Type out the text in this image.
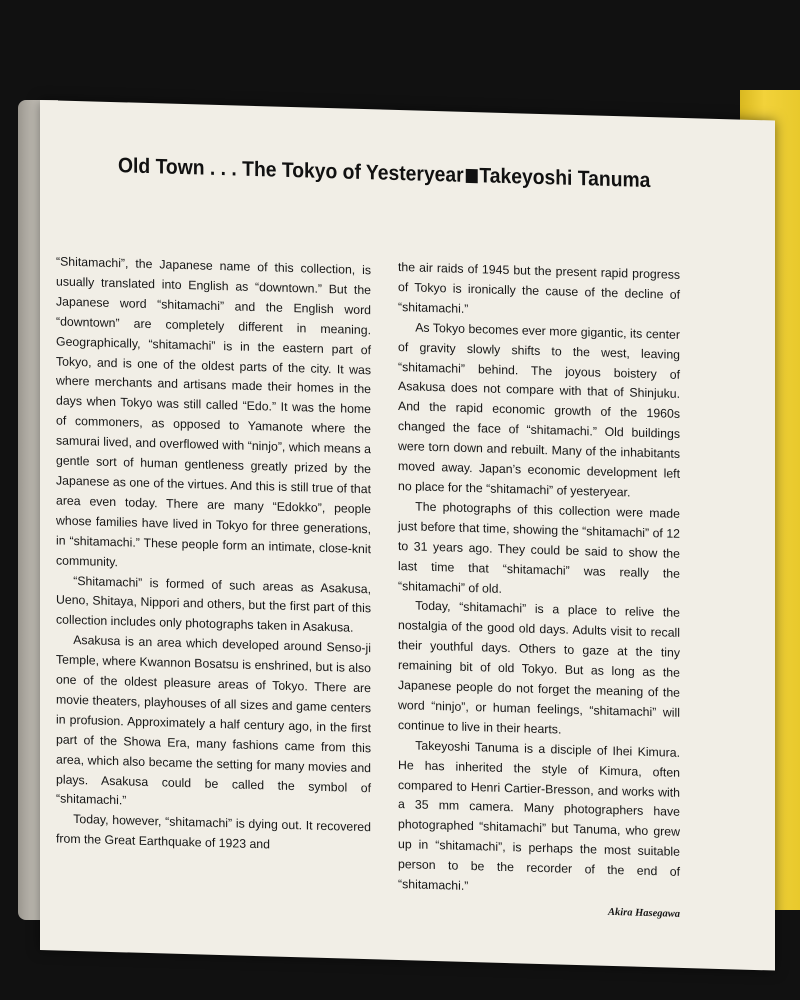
Old Town . . . The Tokyo of Yesteryear Takeyoshi Tanuma

“Shitamachi”, the Japanese name of this collection, is usually translated into English as “downtown.” But the Japanese word “shitamachi” and the English word “downtown” are completely different in meaning. Geographically, “shitamachi” is in the eastern part of Tokyo, and is one of the oldest parts of the city. It was where merchants and artisans made their homes in the days when Tokyo was still called “Edo.” It was the home of commoners, as opposed to Yamanote where the samurai lived, and overflowed with “ninjo”, which means a gentle sort of human gentleness greatly prized by the Japanese as one of the virtues. And this is still true of that area even today. There are many “Edokko”, people whose families have lived in Tokyo for three generations, in “shitamachi.” These people form an intimate, close-knit community.

“Shitamachi” is formed of such areas as Asakusa, Ueno, Shitaya, Nippori and others, but the first part of this collection includes only photographs taken in Asakusa.

Asakusa is an area which developed around Senso-ji Temple, where Kwannon Bosatsu is enshrined, but is also one of the oldest pleasure areas of Tokyo. There are movie theaters, playhouses of all sizes and game centers in profusion. Approximately a half century ago, in the first part of the Showa Era, many fashions came from this area, which also became the setting for many movies and plays. Asakusa could be called the symbol of “shitamachi.”

Today, however, “shitamachi” is dying out. It recovered from the Great Earthquake of 1923 and

the air raids of 1945 but the present rapid progress of Tokyo is ironically the cause of the decline of “shitamachi.”

As Tokyo becomes ever more gigantic, its center of gravity slowly shifts to the west, leaving “shitamachi” behind. The joyous boistery of Asakusa does not compare with that of Shinjuku. And the rapid economic growth of the 1960s changed the face of “shitamachi.” Old buildings were torn down and rebuilt. Many of the inhabitants moved away. Japan’s economic development left no place for the “shitamachi” of yesteryear.

The photographs of this collection were made just before that time, showing the “shitamachi” of 12 to 31 years ago. They could be said to show the last time that “shitamachi” was really the “shitamachi” of old.

Today, “shitamachi” is a place to relive the nostalgia of the good old days. Adults visit to recall their youthful days. Others to gaze at the tiny remaining bit of old Tokyo. But as long as the Japanese people do not forget the meaning of the word “ninjo”, or human feelings, “shitamachi” will continue to live in their hearts.

Takeyoshi Tanuma is a disciple of Ihei Kimura. He has inherited the style of Kimura, often compared to Henri Cartier-Bresson, and works with a 35 mm camera. Many photographers have photographed “shitamachi” but Tanuma, who grew up in “shitamachi”, is perhaps the most suitable person to be the recorder of the end of “shitamachi.”

Akira Hasegawa
